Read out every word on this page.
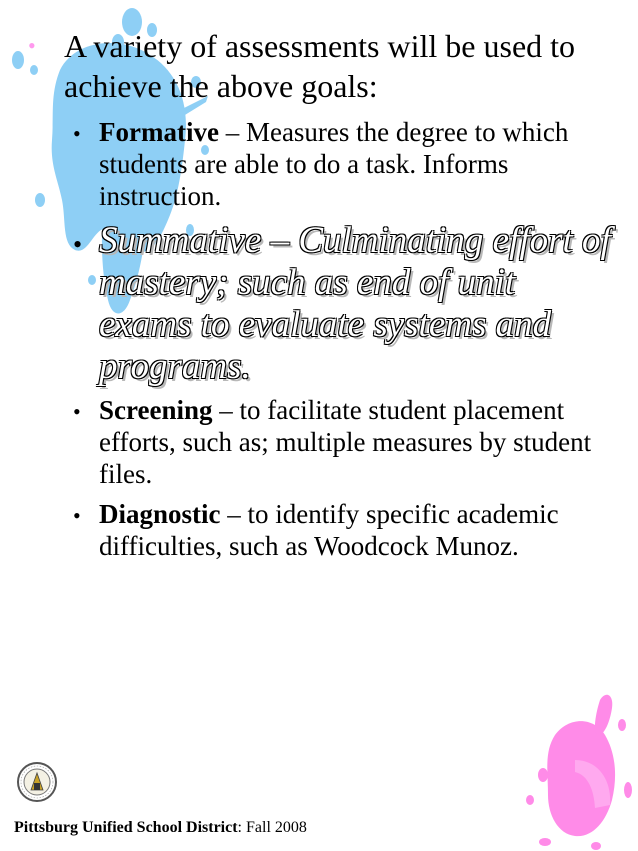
• A variety of assessments will be used to achieve the above goals:
• Formative – Measures the degree to which students are able to do a task. Informs instruction.
• Summative – Culminating effort of mastery; such as end of unit exams to evaluate systems and programs.
• Screening – to facilitate student placement efforts, such as; multiple measures by student files.
• Diagnostic – to identify specific academic difficulties, such as Woodcock Munoz.
Pittsburg Unified School District: Fall 2008
